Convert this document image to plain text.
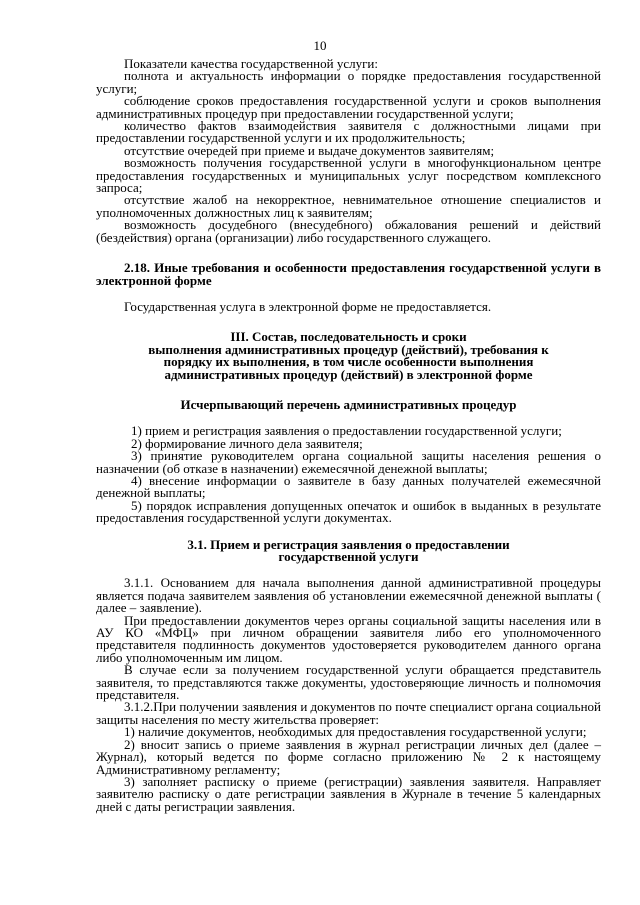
10

Показатели качества государственной услуги:

полнота и актуальность информации о порядке предоставления государственной услуги;

соблюдение сроков предоставления государственной услуги и сроков выполнения административных процедур при предоставлении государственной услуги;

количество фактов взаимодействия заявителя с должностными лицами при предоставлении государственной услуги и их продолжительность;

отсутствие очередей при приеме и выдаче документов заявителям;

возможность получения государственной услуги в многофункциональном центре предоставления государственных и муниципальных услуг посредством комплексного запроса;

отсутствие жалоб на некорректное, невнимательное отношение специалистов и уполномоченных должностных лиц к заявителям;

возможность досудебного (внесудебного) обжалования решений и действий (бездействия) органа (организации) либо государственного служащего.

2.18. Иные требования и особенности предоставления государственной услуги в электронной форме

Государственная услуга в электронной форме не предоставляется.

III. Состав, последовательность и сроки

выполнения административных процедур (действий), требования к

порядку их выполнения, в том числе особенности выполнения

административных процедур (действий) в электронной форме

Исчерпывающий перечень административных процедур

1) прием и регистрация заявления о предоставлении государственной услуги;

2) формирование личного дела заявителя;

3) принятие руководителем органа социальной защиты населения решения о назначении (об отказе в назначении) ежемесячной денежной выплаты;

4) внесение информации о заявителе в базу данных получателей ежемесячной денежной выплаты;

5) порядок исправления допущенных опечаток и ошибок в выданных в результате предоставления государственной услуги документах.

3.1. Прием и регистрация заявления о предоставлении

государственной услуги

3.1.1. Основанием для начала выполнения данной административной процедуры является подача заявителем заявления об установлении ежемесячной денежной выплаты ( далее – заявление).

При предоставлении документов через органы социальной защиты населения или в АУ КО «МФЦ» при личном обращении заявителя либо его уполномоченного представителя подлинность документов удостоверяется руководителем данного органа либо уполномоченным им лицом.

В случае если за получением государственной услуги обращается представитель заявителя, то представляются также документы, удостоверяющие личность и полномочия представителя.

3.1.2.При получении заявления и документов по почте специалист органа социальной защиты населения по месту жительства проверяет:

1) наличие документов, необходимых для предоставления государственной услуги;

2) вносит запись о приеме заявления в журнал регистрации личных дел (далее – Журнал), который ведется по форме согласно приложению № 2 к настоящему Административному регламенту;

3) заполняет расписку о приеме (регистрации) заявления заявителя. Направляет заявителю расписку о дате регистрации заявления в Журнале в течение 5 календарных дней с даты регистрации заявления.
